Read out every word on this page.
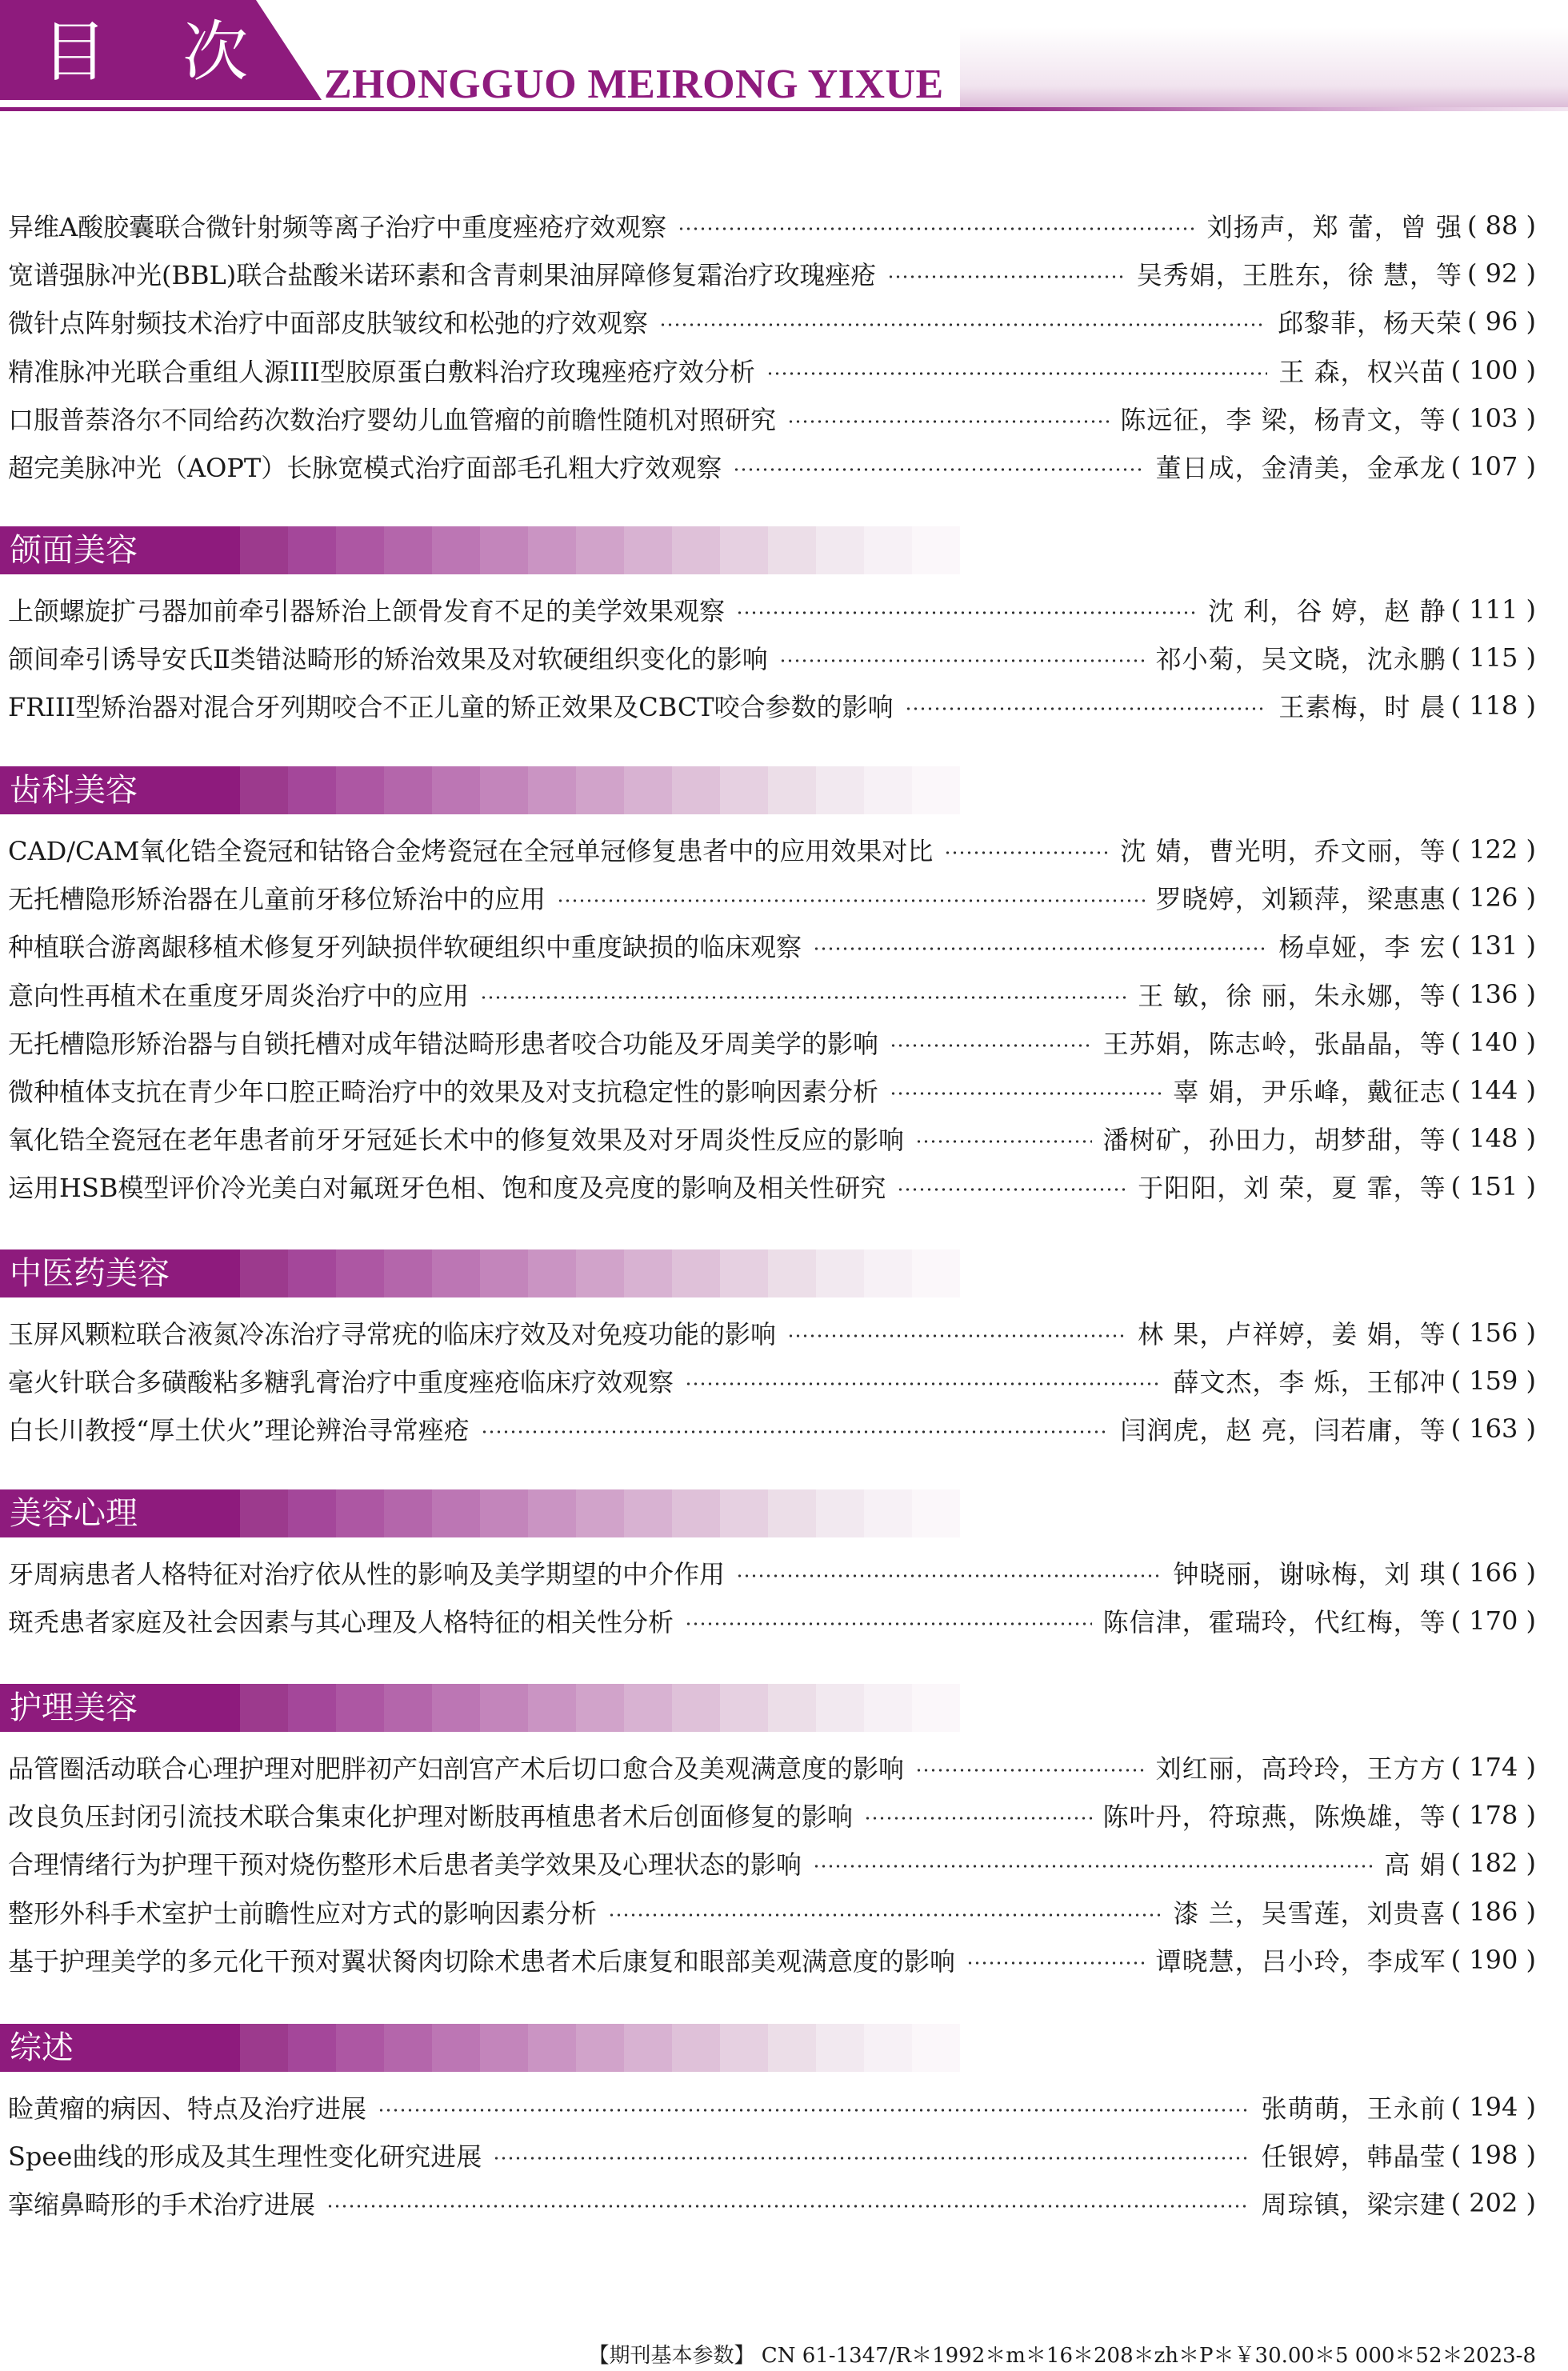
目 次 ZHONGGUO MEIRONG YIXUE
异维A酸胶囊联合微针射频等离子治疗中重度痤疮疗效观察	刘扬声，郑 蕾，曾 强 ( 88 )
宽谱强脉冲光(BBL)联合盐酸米诺环素和含青刺果油屏障修复霜治疗玫瑰痤疮	吴秀娟，王胜东，徐 慧，等 ( 92 )
微针点阵射频技术治疗中面部皮肤皱纹和松弛的疗效观察	邱黎菲，杨天荣 ( 96 )
精准脉冲光联合重组人源III型胶原蛋白敷料治疗玫瑰痤疮疗效分析	王 森，权兴苗 ( 100 )
口服普萘洛尔不同给药次数治疗婴幼儿血管瘤的前瞻性随机对照研究	陈远征，李 梁，杨青文，等 ( 103 )
超完美脉冲光（AOPT）长脉宽模式治疗面部毛孔粗大疗效观察	董日成，金清美，金承龙 ( 107 )
颌面美容
上颌螺旋扩弓器加前牵引器矫治上颌骨发育不足的美学效果观察	沈 利，谷 婷，赵 静 ( 111 )
颌间牵引诱导安氏Ⅱ类错㳠畸形的矫治效果及对软硬组织变化的影响	祁小菊，吴文晓，沈永鹏 ( 115 )
FRIII型矫治器对混合牙列期咬合不正儿童的矫正效果及CBCT咬合参数的影响	王素梅，时 晨 ( 118 )
齿科美容
CAD/CAM氧化锆全瓷冠和钴铬合金烤瓷冠在全冠单冠修复患者中的应用效果对比	沈 婧，曹光明，乔文丽，等 ( 122 )
无托槽隐形矫治器在儿童前牙移位矫治中的应用	罗晓婷，刘颖萍，梁惠惠 ( 126 )
种植联合游离龈移植术修复牙列缺损伴软硬组织中重度缺损的临床观察	杨卓娅，李 宏 ( 131 )
意向性再植术在重度牙周炎治疗中的应用	王 敏，徐 丽，朱永娜，等 ( 136 )
无托槽隐形矫治器与自锁托槽对成年错㳠畸形患者咬合功能及牙周美学的影响	王苏娟，陈志岭，张晶晶，等 ( 140 )
微种植体支抗在青少年口腔正畸治疗中的效果及对支抗稳定性的影响因素分析	辜 娟，尹乐峰，戴征志 ( 144 )
氧化锆全瓷冠在老年患者前牙牙冠延长术中的修复效果及对牙周炎性反应的影响	潘树矿，孙田力，胡梦甜，等 ( 148 )
运用HSB模型评价冷光美白对氟斑牙色相、饱和度及亮度的影响及相关性研究	于阳阳，刘 荣，夏 霏，等 ( 151 )
中医药美容
玉屏风颗粒联合液氮冷冻治疗寻常疣的临床疗效及对免疫功能的影响	林 果，卢祥婷，姜 娟，等 ( 156 )
毫火针联合多磺酸粘多糖乳膏治疗中重度痤疮临床疗效观察	薛文杰，李 烁，王郁冲 ( 159 )
白长川教授“厚土伏火”理论辨治寻常痤疮	闫润虎，赵 亮，闫若庸，等 ( 163 )
美容心理
牙周病患者人格特征对治疗依从性的影响及美学期望的中介作用	钟晓丽，谢咏梅，刘 琪 ( 166 )
斑秃患者家庭及社会因素与其心理及人格特征的相关性分析	陈信津，霍瑞玲，代红梅，等 ( 170 )
护理美容
品管圈活动联合心理护理对肥胖初产妇剖宫产术后切口愈合及美观满意度的影响	刘红丽，高玲玲，王方方 ( 174 )
改良负压封闭引流技术联合集束化护理对断肢再植患者术后创面修复的影响	陈叶丹，符琼燕，陈焕雄，等 ( 178 )
合理情绪行为护理干预对烧伤整形术后患者美学效果及心理状态的影响	高 娟 ( 182 )
整形外科手术室护士前瞻性应对方式的影响因素分析	漆 兰，吴雪莲，刘贵喜 ( 186 )
基于护理美学的多元化干预对翼状胬肉切除术患者术后康复和眼部美观满意度的影响	谭晓慧，吕小玲，李成军 ( 190 )
综述
睑黄瘤的病因、特点及治疗进展	张萌萌，王永前 ( 194 )
Spee曲线的形成及其生理性变化研究进展	任银婷，韩晶莹 ( 198 )
挛缩鼻畸形的手术治疗进展	周琮镇，梁宗建 ( 202 )
【期刊基本参数】 CN 61-1347/R＊1992＊m＊16＊208＊zh＊P＊￥30.00＊5 000＊52＊2023-8
